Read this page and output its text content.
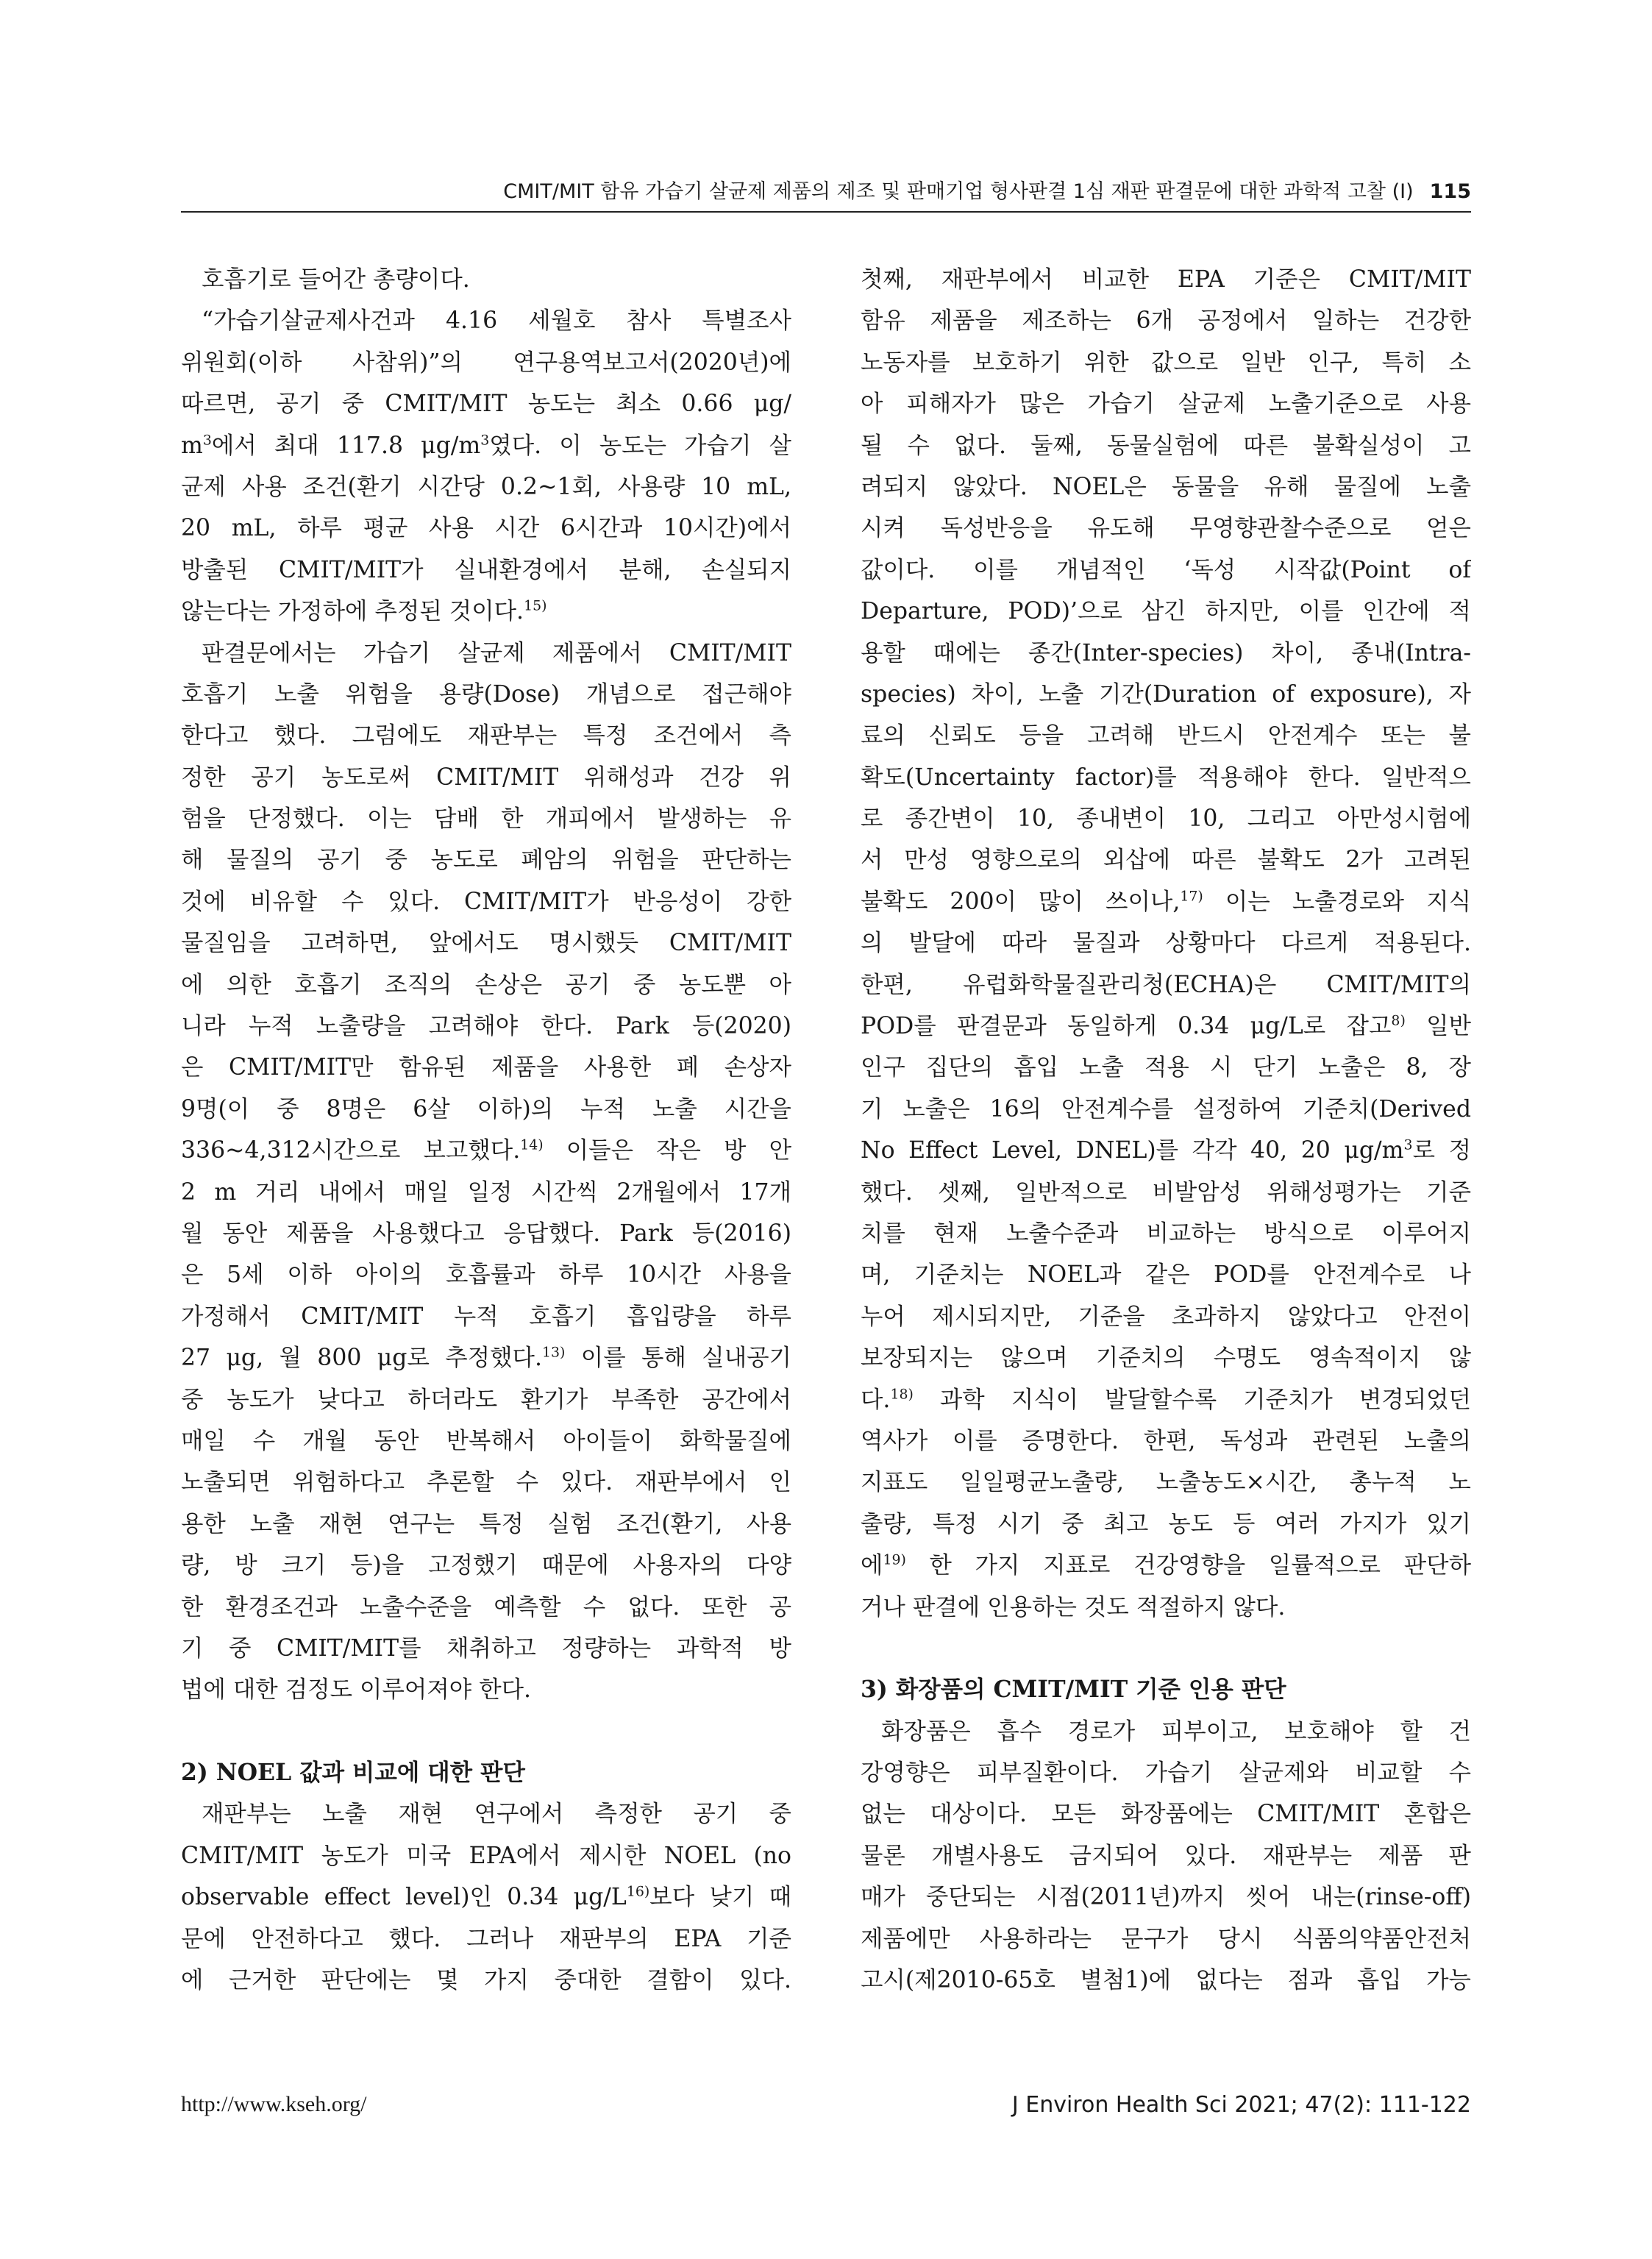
CMIT/MIT 함유 가습기 살균제 제품의 제조 및 판매기업 형사판결 1심 재판 판결문에 대한 과학적 고찰 (I) 115
호흡기로 들어간 총량이다.
“가습기살균제사건과 4.16 세월호 참사 특별조사
위원회(이하 사참위)”의 연구용역보고서(2020년)에
따르면, 공기 중 CMIT/MIT 농도는 최소 0.66 μg/
$m^3$에서 최대 117.8 $\mu g/m^3$였다. 이 농도는 가습기 살
균제 사용 조건(환기 시간당 0.2~1회, 사용량 10 mL,
20 mL, 하루 평균 사용 시간 6시간과 10시간)에서
방출된 CMIT/MIT가 실내환경에서 분해, 손실되지
않는다는 가정하에 추정된 것이다.$^{15)}$
판결문에서는 가습기 살균제 제품에서 CMIT/MIT
호흡기 노출 위험을 용량(Dose) 개념으로 접근해야
한다고 했다. 그럼에도 재판부는 특정 조건에서 측
정한 공기 농도로써 CMIT/MIT 위해성과 건강 위
험을 단정했다. 이는 담배 한 개피에서 발생하는 유
해 물질의 공기 중 농도로 폐암의 위험을 판단하는
것에 비유할 수 있다. CMIT/MIT가 반응성이 강한
물질임을 고려하면, 앞에서도 명시했듯 CMIT/MIT
에 의한 호흡기 조직의 손상은 공기 중 농도뿐 아
니라 누적 노출량을 고려해야 한다. Park 등(2020)
은 CMIT/MIT만 함유된 제품을 사용한 폐 손상자
9명(이 중 8명은 6살 이하)의 누적 노출 시간을
336~4,312시간으로 보고했다.$^{14)}$ 이들은 작은 방 안
2 m 거리 내에서 매일 일정 시간씩 2개월에서 17개
월 동안 제품을 사용했다고 응답했다. Park 등(2016)
은 5세 이하 아이의 호흡률과 하루 10시간 사용을
가정해서 CMIT/MIT 누적 호흡기 흡입량을 하루
27 μg, 월 800 μg로 추정했다.$^{13)}$ 이를 통해 실내공기
중 농도가 낮다고 하더라도 환기가 부족한 공간에서
매일 수 개월 동안 반복해서 아이들이 화학물질에
노출되면 위험하다고 추론할 수 있다. 재판부에서 인
용한 노출 재현 연구는 특정 실험 조건(환기, 사용
량, 방 크기 등)을 고정했기 때문에 사용자의 다양
한 환경조건과 노출수준을 예측할 수 없다. 또한 공
기 중 CMIT/MIT를 채취하고 정량하는 과학적 방
법에 대한 검정도 이루어져야 한다.
2) NOEL 값과 비교에 대한 판단
재판부는 노출 재현 연구에서 측정한 공기 중
CMIT/MIT 농도가 미국 EPA에서 제시한 NOEL (no
observable effect level)인 0.34 $\mu g/L^{16)}$보다 낮기 때
문에 안전하다고 했다. 그러나 재판부의 EPA 기준
에 근거한 판단에는 몇 가지 중대한 결함이 있다.
첫째, 재판부에서 비교한 EPA 기준은 CMIT/MIT
함유 제품을 제조하는 6개 공정에서 일하는 건강한
노동자를 보호하기 위한 값으로 일반 인구, 특히 소
아 피해자가 많은 가습기 살균제 노출기준으로 사용
될 수 없다. 둘째, 동물실험에 따른 불확실성이 고
려되지 않았다. NOEL은 동물을 유해 물질에 노출
시켜 독성반응을 유도해 무영향관찰수준으로 얻은
값이다. 이를 개념적인 ‘독성 시작값(Point of
Departure, POD)’으로 삼긴 하지만, 이를 인간에 적
용할 때에는 종간(Inter-species) 차이, 종내(Intra-
species) 차이, 노출 기간(Duration of exposure), 자
료의 신뢰도 등을 고려해 반드시 안전계수 또는 불
확도(Uncertainty factor)를 적용해야 한다. 일반적으
로 종간변이 10, 종내변이 10, 그리고 아만성시험에
서 만성 영향으로의 외삽에 따른 불확도 2가 고려된
불확도 200이 많이 쓰이나,$^{17)}$ 이는 노출경로와 지식
의 발달에 따라 물질과 상황마다 다르게 적용된다.
한편, 유럽화학물질관리청(ECHA)은 CMIT/MIT의
POD를 판결문과 동일하게 0.34 μg/L로 잡고$^{8)}$ 일반
인구 집단의 흡입 노출 적용 시 단기 노출은 8, 장
기 노출은 16의 안전계수를 설정하여 기준치(Derived
No Effect Level, DNEL)를 각각 40, 20 $\mu g/m^3$로 정
했다. 셋째, 일반적으로 비발암성 위해성평가는 기준
치를 현재 노출수준과 비교하는 방식으로 이루어지
며, 기준치는 NOEL과 같은 POD를 안전계수로 나
누어 제시되지만, 기준을 초과하지 않았다고 안전이
보장되지는 않으며 기준치의 수명도 영속적이지 않
다.$^{18)}$ 과학 지식이 발달할수록 기준치가 변경되었던
역사가 이를 증명한다. 한편, 독성과 관련된 노출의
지표도 일일평균노출량, 노출농도×시간, 총누적 노
출량, 특정 시기 중 최고 농도 등 여러 가지가 있기
에$^{19)}$ 한 가지 지표로 건강영향을 일률적으로 판단하
거나 판결에 인용하는 것도 적절하지 않다.
3) 화장품의 CMIT/MIT 기준 인용 판단
화장품은 흡수 경로가 피부이고, 보호해야 할 건
강영향은 피부질환이다. 가습기 살균제와 비교할 수
없는 대상이다. 모든 화장품에는 CMIT/MIT 혼합은
물론 개별사용도 금지되어 있다. 재판부는 제품 판
매가 중단되는 시점(2011년)까지 씻어 내는(rinse-off)
제품에만 사용하라는 문구가 당시 식품의약품안전처
고시(제2010-65호 별첨1)에 없다는 점과 흡입 가능
http://www.kseh.org/	J Environ Health Sci 2021; 47(2): 111-122
